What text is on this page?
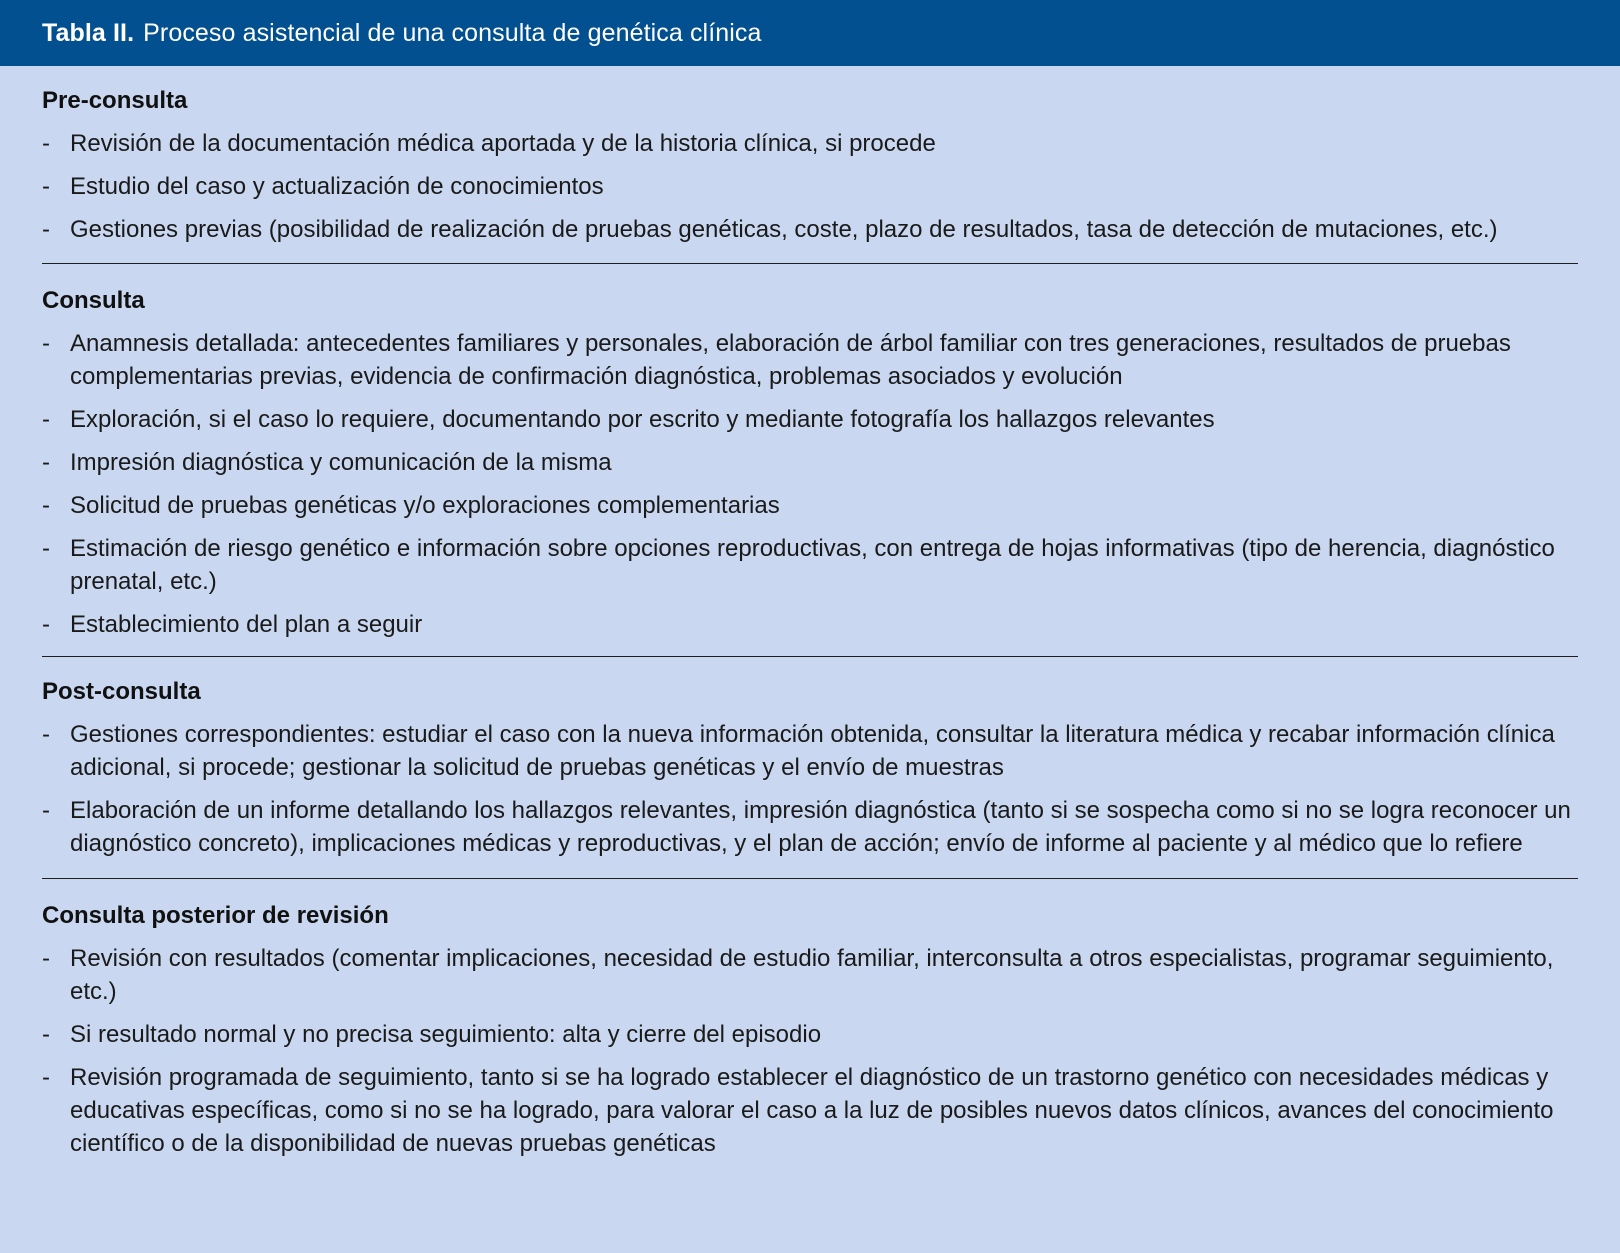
Tabla II. Proceso asistencial de una consulta de genética clínica
Pre-consulta
- Revisión de la documentación médica aportada y de la historia clínica, si procede
- Estudio del caso y actualización de conocimientos
- Gestiones previas (posibilidad de realización de pruebas genéticas, coste, plazo de resultados, tasa de detección de mutaciones, etc.)
Consulta
- Anamnesis detallada: antecedentes familiares y personales, elaboración de árbol familiar con tres generaciones, resultados de pruebas complementarias previas, evidencia de confirmación diagnóstica, problemas asociados y evolución
- Exploración, si el caso lo requiere, documentando por escrito y mediante fotografía los hallazgos relevantes
- Impresión diagnóstica y comunicación de la misma
- Solicitud de pruebas genéticas y/o exploraciones complementarias
- Estimación de riesgo genético e información sobre opciones reproductivas, con entrega de hojas informativas (tipo de herencia, diagnóstico prenatal, etc.)
- Establecimiento del plan a seguir
Post-consulta
- Gestiones correspondientes: estudiar el caso con la nueva información obtenida, consultar la literatura médica y recabar información clínica adicional, si procede; gestionar la solicitud de pruebas genéticas y el envío de muestras
- Elaboración de un informe detallando los hallazgos relevantes, impresión diagnóstica (tanto si se sospecha como si no se logra reconocer un diagnóstico concreto), implicaciones médicas y reproductivas, y el plan de acción; envío de informe al paciente y al médico que lo refiere
Consulta posterior de revisión
- Revisión con resultados (comentar implicaciones, necesidad de estudio familiar, interconsulta a otros especialistas, programar seguimiento, etc.)
- Si resultado normal y no precisa seguimiento: alta y cierre del episodio
- Revisión programada de seguimiento, tanto si se ha logrado establecer el diagnóstico de un trastorno genético con necesidades médicas y educativas específicas, como si no se ha logrado, para valorar el caso a la luz de posibles nuevos datos clínicos, avances del conocimiento científico o de la disponibilidad de nuevas pruebas genéticas
